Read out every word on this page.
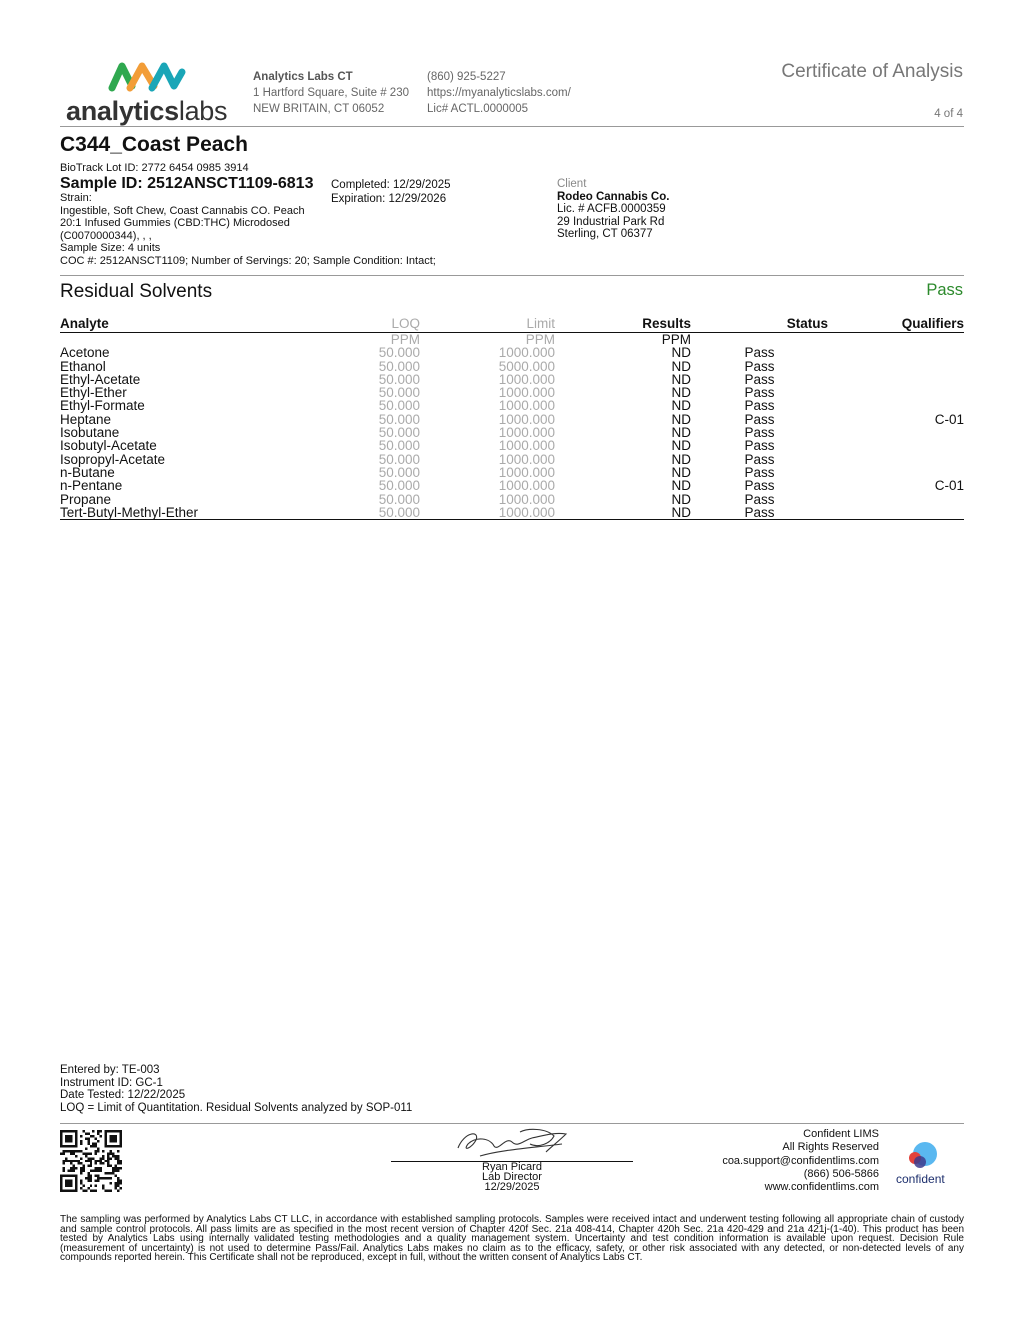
analyticslabs
Analytics Labs CT
1 Hartford Square, Suite # 230
NEW BRITAIN, CT 06052
(860) 925-5227
https://myanalyticslabs.com/
Lic# ACTL.0000005
Certificate of Analysis
4 of 4
C344_Coast Peach
BioTrack Lot ID: 2772 6454 0985 3914
Sample ID: 2512ANSCT1109-6813
Strain:
Ingestible, Soft Chew, Coast Cannabis CO. Peach
20:1 Infused Gummies (CBD:THC) Microdosed
(C0070000344), , ,
Sample Size: 4 units
COC #: 2512ANSCT1109; Number of Servings: 20; Sample Condition: Intact;
Completed: 12/29/2025
Expiration: 12/29/2026
Client
Rodeo Cannabis Co.
Lic. # ACFB.0000359
29 Industrial Park Rd
Sterling, CT 06377
Residual Solvents	Pass
Analyte	LOQ	Limit	Results	Status	Qualifiers
	PPM	PPM	PPM		
Acetone	50.000	1000.000	ND	Pass	
Ethanol	50.000	5000.000	ND	Pass	
Ethyl-Acetate	50.000	1000.000	ND	Pass	
Ethyl-Ether	50.000	1000.000	ND	Pass	
Ethyl-Formate	50.000	1000.000	ND	Pass	
Heptane	50.000	1000.000	ND	Pass	C-01
Isobutane	50.000	1000.000	ND	Pass	
Isobutyl-Acetate	50.000	1000.000	ND	Pass	
Isopropyl-Acetate	50.000	1000.000	ND	Pass	
n-Butane	50.000	1000.000	ND	Pass	
n-Pentane	50.000	1000.000	ND	Pass	C-01
Propane	50.000	1000.000	ND	Pass	
Tert-Butyl-Methyl-Ether	50.000	1000.000	ND	Pass	
Entered by: TE-003
Instrument ID: GC-1
Date Tested: 12/22/2025
LOQ = Limit of Quantitation. Residual Solvents analyzed by SOP-011
Ryan Picard
Lab Director
12/29/2025
Confident LIMS
All Rights Reserved
coa.support@confidentlims.com
(866) 506-5866
www.confidentlims.com
confident
The sampling was performed by Analytics Labs CT LLC, in accordance with established sampling protocols. Samples were received intact and underwent testing following all appropriate chain of custody and sample control protocols. All pass limits are as specified in the most recent version of Chapter 420f Sec. 21a 408-414, Chapter 420h Sec. 21a 420-429 and 21a 421j-(1-40). This product has been tested by Analytics Labs using internally validated testing methodologies and a quality management system. Uncertainty and test condition information is available upon request. Decision Rule (measurement of uncertainty) is not used to determine Pass/Fail. Analytics Labs makes no claim as to the efficacy, safety, or other risk associated with any detected, or non-detected levels of any compounds reported herein. This Certificate shall not be reproduced, except in full, without the written consent of Analytics Labs CT.
